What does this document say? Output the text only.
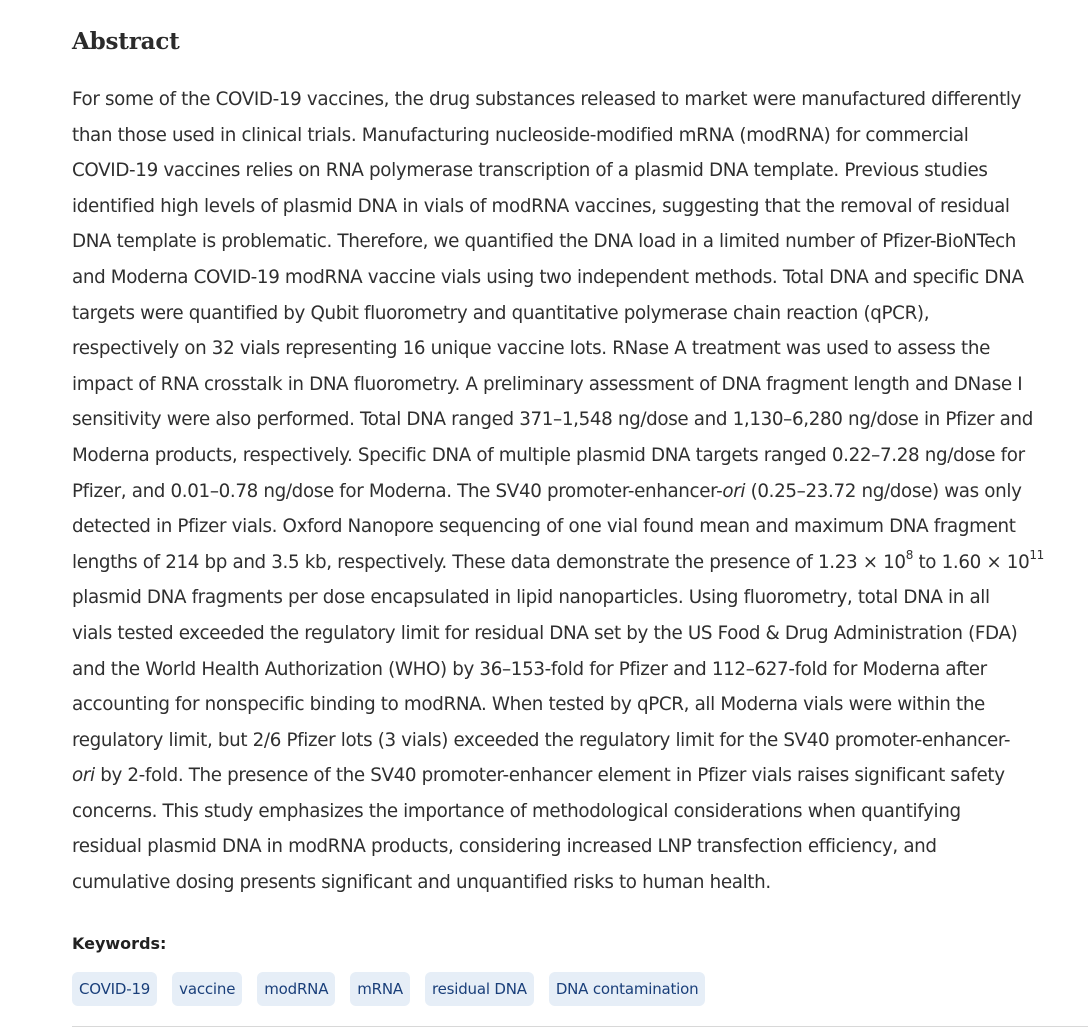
Abstract
For some of the COVID-19 vaccines, the drug substances released to market were manufactured differently
than those used in clinical trials. Manufacturing nucleoside-modified mRNA (modRNA) for commercial
COVID-19 vaccines relies on RNA polymerase transcription of a plasmid DNA template. Previous studies
identified high levels of plasmid DNA in vials of modRNA vaccines, suggesting that the removal of residual
DNA template is problematic. Therefore, we quantified the DNA load in a limited number of Pfizer-BioNTech
and Moderna COVID-19 modRNA vaccine vials using two independent methods. Total DNA and specific DNA
targets were quantified by Qubit fluorometry and quantitative polymerase chain reaction (qPCR),
respectively on 32 vials representing 16 unique vaccine lots. RNase A treatment was used to assess the
impact of RNA crosstalk in DNA fluorometry. A preliminary assessment of DNA fragment length and DNase I
sensitivity were also performed. Total DNA ranged 371–1,548 ng/dose and 1,130–6,280 ng/dose in Pfizer and
Moderna products, respectively. Specific DNA of multiple plasmid DNA targets ranged 0.22–7.28 ng/dose for
Pfizer, and 0.01–0.78 ng/dose for Moderna. The SV40 promoter-enhancer-ori (0.25–23.72 ng/dose) was only
detected in Pfizer vials. Oxford Nanopore sequencing of one vial found mean and maximum DNA fragment
lengths of 214 bp and 3.5 kb, respectively. These data demonstrate the presence of $1.23 \times 10^8$ to $1.60 \times 10^{11}$
plasmid DNA fragments per dose encapsulated in lipid nanoparticles. Using fluorometry, total DNA in all
vials tested exceeded the regulatory limit for residual DNA set by the US Food & Drug Administration (FDA)
and the World Health Authorization (WHO) by 36–153-fold for Pfizer and 112–627-fold for Moderna after
accounting for nonspecific binding to modRNA. When tested by qPCR, all Moderna vials were within the
regulatory limit, but 2/6 Pfizer lots (3 vials) exceeded the regulatory limit for the SV40 promoter-enhancer-
ori by 2-fold. The presence of the SV40 promoter-enhancer element in Pfizer vials raises significant safety
concerns. This study emphasizes the importance of methodological considerations when quantifying
residual plasmid DNA in modRNA products, considering increased LNP transfection efficiency, and
cumulative dosing presents significant and unquantified risks to human health.
Keywords:
COVID-19	vaccine	modRNA	mRNA	residual DNA	DNA contamination
